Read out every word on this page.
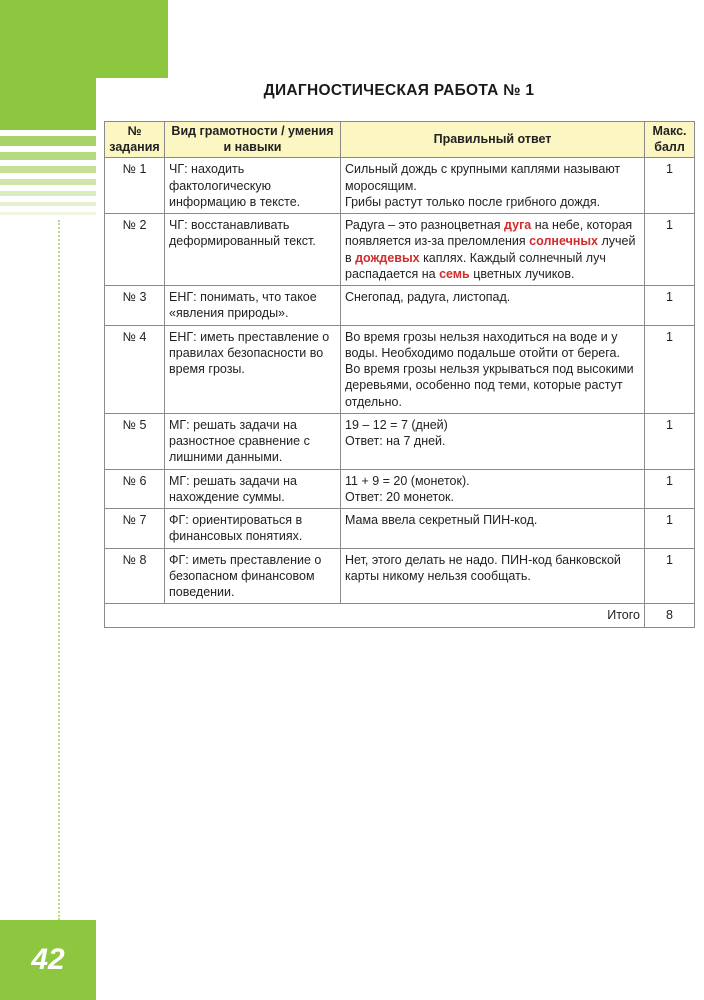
ДИАГНОСТИЧЕСКАЯ РАБОТА № 1
№ задания	Вид грамотности / умения и навыки	Правильный ответ	Макс. балл
№ 1	ЧГ: находить фактологическую информацию в тексте.	Сильный дождь с крупными каплями называют моросящим.
Грибы растут только после грибного дождя.	1
№ 2	ЧГ: восстанавливать деформированный текст.	Радуга – это разноцветная дуга на небе, которая появляется из-за преломления солнечных лучей в дождевых каплях. Каждый солнечный луч распадается на семь цветных лучиков.	1
№ 3	ЕНГ: понимать, что такое «явления природы».	Снегопад, радуга, листопад.	1
№ 4	ЕНГ: иметь преставление о правилах безопасности во время грозы.	Во время грозы нельзя находиться на воде и у воды. Необходимо подальше отойти от берега.
Во время грозы нельзя укрываться под высокими деревьями, особенно под теми, которые растут отдельно.	1
№ 5	МГ: решать задачи на разностное сравнение с лишними данными.	19 – 12 = 7 (дней)
Ответ: на 7 дней.	1
№ 6	МГ: решать задачи на нахождение суммы.	11 + 9 = 20 (монеток).
Ответ: 20 монеток.	1
№ 7	ФГ: ориентироваться в финансовых понятиях.	Мама ввела секретный ПИН-код.	1
№ 8	ФГ: иметь преставление о безопасном финансовом поведении.	Нет, этого делать не надо. ПИН-код банковской карты никому нельзя сообщать.	1
Итого			8
42
